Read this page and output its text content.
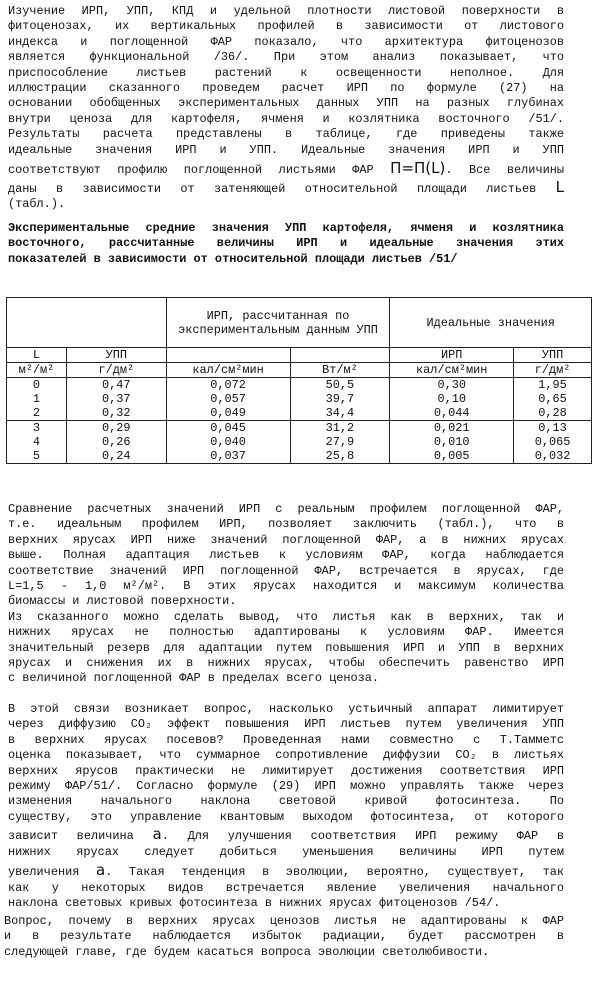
Изучение ИРП, УПП, КПД и удельной плотности листовой поверхности в
фитоценозах, их вертикальных профилей в зависимости от листового
индекса и поглощенной ФАР показало, что архитектура фитоценозов
является функциональной /36/. При этом анализ показывает, что
приспособление листьев растений к освещенности неполное. Для
иллюстрации сказанного проведем расчет ИРП по формуле (27) на
основании обобщенных экспериментальных данных УПП на разных глубинах
внутри ценоза для картофеля, ячменя и козлятника восточного /51/.
Результаты расчета представлены в таблице, где приведены также
идеальные значения ИРП и УПП. Идеальные значения ИРП и УПП
соответствуют профилю поглощенной листьями ФАР Π=Π(L). Все величины
даны в зависимости от затеняющей относительной площади листьев L
(табл.).
Экспериментальные средние значения УПП картофеля, ячменя и козлятника
восточного, рассчитанные величины ИРП и идеальные значения этих
показателей в зависимости от относительной площади листьев /51/
		ИРП, рассчитанная по экспериментальным данным УПП		Идеальные значения	
L	УПП			ИРП	УПП
м²/м²	г/дм²	кал/см²мин	Вт/м²	кал/см²мин	г/дм²
0	0,47	0,072	50,5	0,30	1,95
1	0,37	0,057	39,7	0,10	0,65
2	0,32	0,049	34,4	0,044	0,28
3	0,29	0,045	31,2	0,021	0,13
4	0,26	0,040	27,9	0,010	0,065
5	0,24	0,037	25,8	0,005	0,032
Сравнение расчетных значений ИРП с реальным профилем поглощенной ФАР,
т.е. идеальным профилем ИРП, позволяет заключить (табл.), что в
верхних ярусах ИРП ниже значений поглощенной ФАР, а в нижних ярусах
выше. Полная адаптация листьев к условиям ФАР, когда наблюдается
соответствие значений ИРП поглощенной ФАР, встречается в ярусах, где
L=1,5 - 1,0 м²/м². В этих ярусах находится и максимум количества
биомассы и листовой поверхности.
Из сказанного можно сделать вывод, что листья как в верхних, так и
нижних ярусах не полностью адаптированы к условиям ФАР. Имеется
значительный резерв для адаптации путем повышения ИРП и УПП в верхних
ярусах и снижения их в нижних ярусах, чтобы обеспечить равенство ИРП
с величиной поглощенной ФАР в пределах всего ценоза.
В этой связи возникает вопрос, насколько устьичный аппарат лимитирует
через диффузию CO₂ эффект повышения ИРП листьев путем увеличения УПП
в верхних ярусах посевов? Проведенная нами совместно с Т.Тамметс
оценка показывает, что суммарное сопротивление диффузии CO₂ в листьях
верхних ярусов практически не лимитирует достижения соответствия ИРП
режиму ФАР/51/. Согласно формуле (29) ИРП можно управлять также через
изменения начального наклона световой кривой фотосинтеза. По
существу, это управление квантовым выходом фотосинтеза, от которого
зависит величина a. Для улучшения соответствия ИРП режиму ФАР в
нижних ярусах следует добиться уменьшения величины ИРП путем
увеличения a. Такая тенденция в эволюции, вероятно, существует, так
как у некоторых видов встречается явление увеличения начального
наклона световых кривых фотосинтеза в нижних ярусах фитоценозов /54/.
Вопрос, почему в верхних ярусах ценозов листья не адаптированы к ФАР
и в результате наблюдается избыток радиации, будет рассмотрен в
следующей главе, где будем касаться вопроса эволюции светолюбивости.
